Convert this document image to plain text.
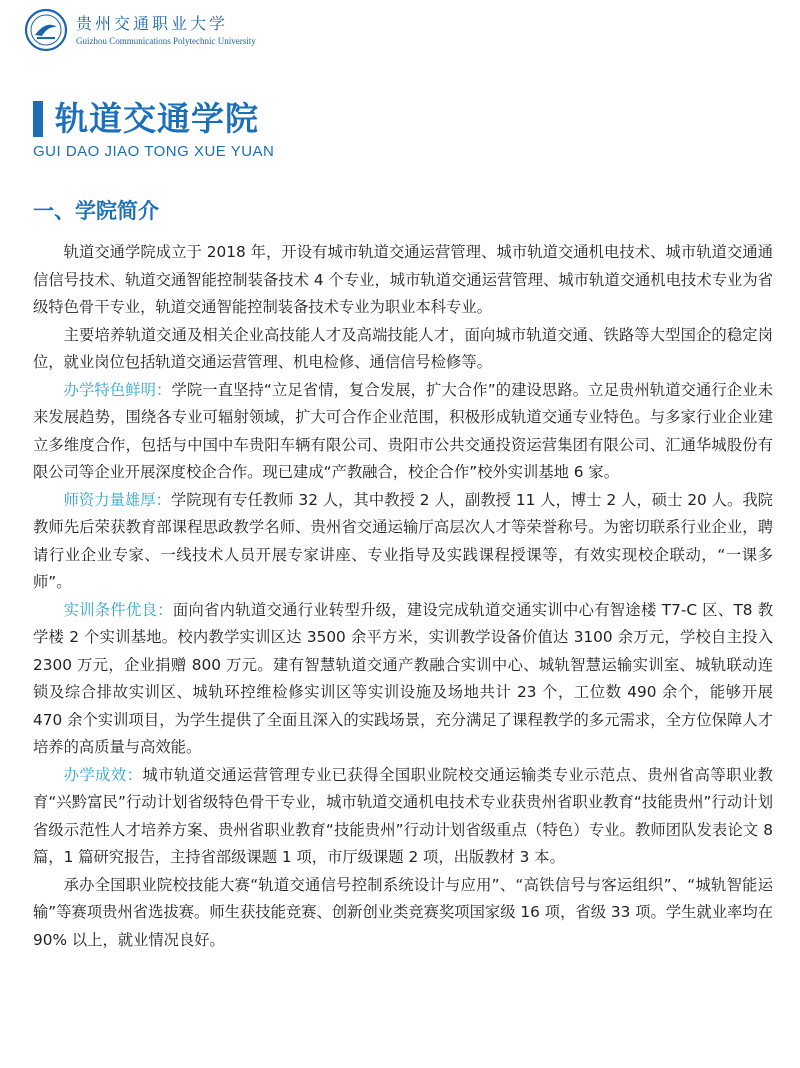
贵州交通职业大学
Guizhou Communications Polytechnic University
轨道交通学院
GUI DAO JIAO TONG XUE YUAN
一、学院简介

轨道交通学院成立于 2018 年，开设有城市轨道交通运营管理、城市轨道交通机电技术、城市轨道交通通信信号技术、轨道交通智能控制装备技术 4 个专业，城市轨道交通运营管理、城市轨道交通机电技术专业为省级特色骨干专业，轨道交通智能控制装备技术专业为职业本科专业。

主要培养轨道交通及相关企业高技能人才及高端技能人才，面向城市轨道交通、铁路等大型国企的稳定岗位，就业岗位包括轨道交通运营管理、机电检修、通信信号检修等。

办学特色鲜明：学院一直坚持“立足省情，复合发展，扩大合作”的建设思路。立足贵州轨道交通行企业未来发展趋势，围绕各专业可辐射领域，扩大可合作企业范围，积极形成轨道交通专业特色。与多家行业企业建立多维度合作，包括与中国中车贵阳车辆有限公司、贵阳市公共交通投资运营集团有限公司、汇通华城股份有限公司等企业开展深度校企合作。现已建成“产教融合，校企合作”校外实训基地 6 家。

师资力量雄厚：学院现有专任教师 32 人，其中教授 2 人，副教授 11 人，博士 2 人，硕士 20 人。我院教师先后荣获教育部课程思政教学名师、贵州省交通运输厅高层次人才等荣誉称号。为密切联系行业企业，聘请行业企业专家、一线技术人员开展专家讲座、专业指导及实践课程授课等，有效实现校企联动，“一课多师”。

实训条件优良：面向省内轨道交通行业转型升级，建设完成轨道交通实训中心有智途楼 T7-C 区、T8 教学楼 2 个实训基地。校内教学实训区达 3500 余平方米，实训教学设备价值达 3100 余万元，学校自主投入 2300 万元，企业捐赠 800 万元。建有智慧轨道交通产教融合实训中心、城轨智慧运输实训室、城轨联动连锁及综合排故实训区、城轨环控维检修实训区等实训设施及场地共计 23 个，工位数 490 余个，能够开展 470 余个实训项目，为学生提供了全面且深入的实践场景，充分满足了课程教学的多元需求，全方位保障人才培养的高质量与高效能。

办学成效：城市轨道交通运营管理专业已获得全国职业院校交通运输类专业示范点、贵州省高等职业教育“兴黔富民”行动计划省级特色骨干专业，城市轨道交通机电技术专业获贵州省职业教育“技能贵州”行动计划省级示范性人才培养方案、贵州省职业教育“技能贵州”行动计划省级重点（特色）专业。教师团队发表论文 8 篇，1 篇研究报告，主持省部级课题 1 项，市厅级课题 2 项，出版教材 3 本。

承办全国职业院校技能大赛“轨道交通信号控制系统设计与应用”、“高铁信号与客运组织”、“城轨智能运输”等赛项贵州省选拔赛。师生获技能竞赛、创新创业类竞赛奖项国家级 16 项，省级 33 项。学生就业率均在 90% 以上，就业情况良好。
